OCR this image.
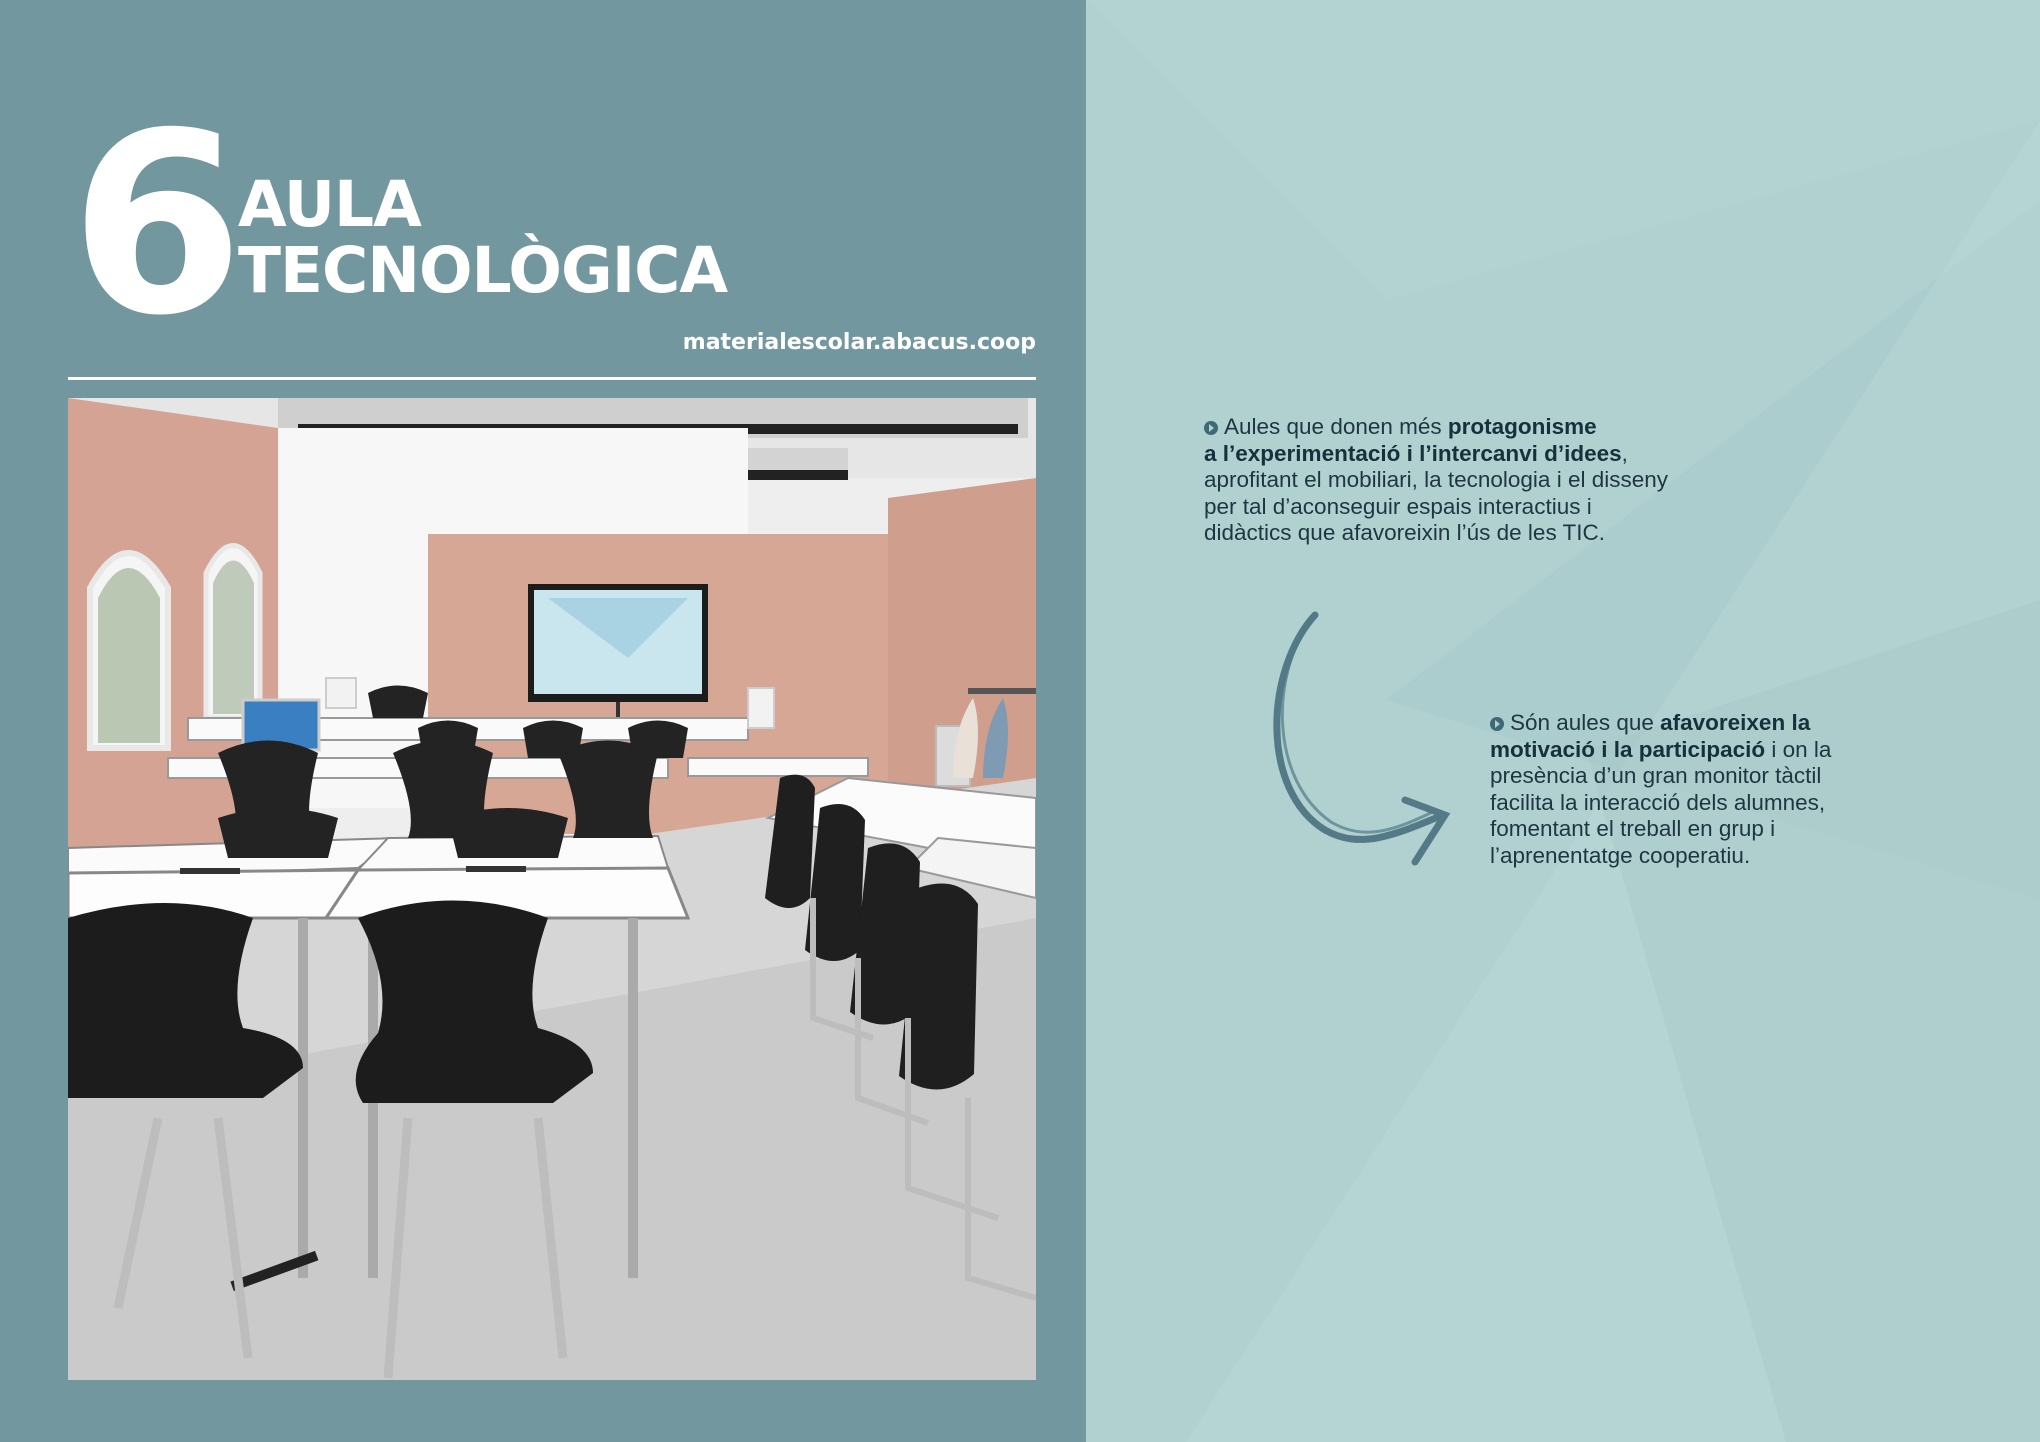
6 AULA
TECNOLÒGICA
materialescolar.abacus.coop
Aules que donen més protagonisme
a l’experimentació i l’intercanvi d’idees, aprofitant el mobiliari, la tecnologia i el disseny per tal d’aconseguir espais interactius i didàctics que afavoreixin l’ús de les TIC.
Són aules que afavoreixen la
motivació i la participació i on la presència d’un gran monitor tàctil facilita la interacció dels alumnes, fomentant el treball en grup i l’aprenentatge cooperatiu.
